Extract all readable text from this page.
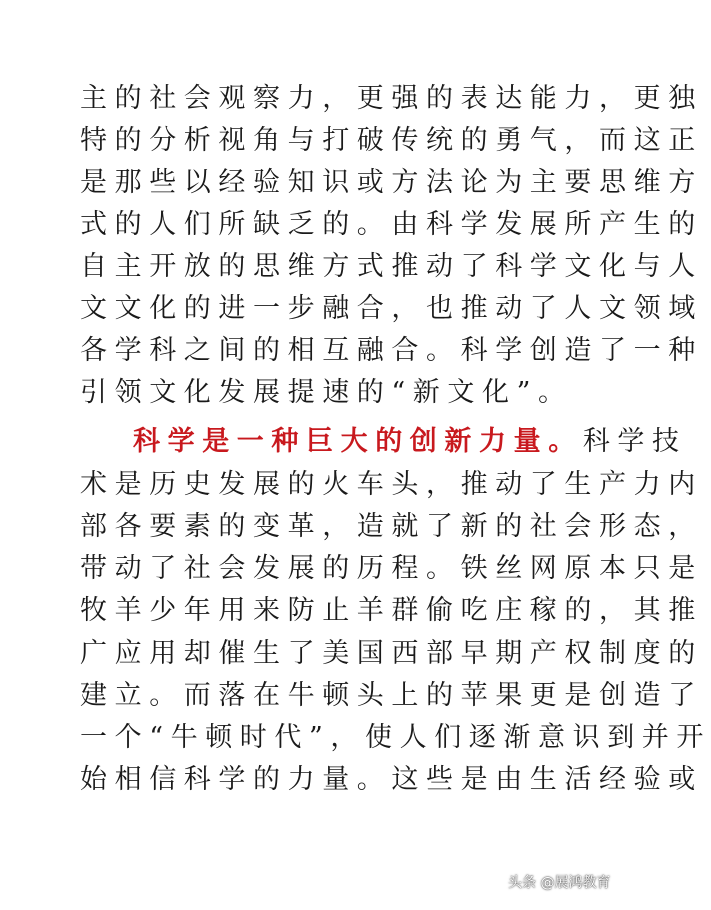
主的社会观察力，更强的表达能力，更独
特的分析视角与打破传统的勇气，而这正
是那些以经验知识或方法论为主要思维方
式的人们所缺乏的。由科学发展所产生的
自主开放的思维方式推动了科学文化与人
文文化的进一步融合，也推动了人文领域
各学科之间的相互融合。科学创造了一种
引领文化发展提速的“新文化”。
科学是一种巨大的创新力量。科学技
术是历史发展的火车头，推动了生产力内
部各要素的变革，造就了新的社会形态，
带动了社会发展的历程。铁丝网原本只是
牧羊少年用来防止羊群偷吃庄稼的，其推
广应用却催生了美国西部早期产权制度的
建立。而落在牛顿头上的苹果更是创造了
一个“牛顿时代”，使人们逐渐意识到并开
始相信科学的力量。这些是由生活经验或
头条 @展鸿教育
